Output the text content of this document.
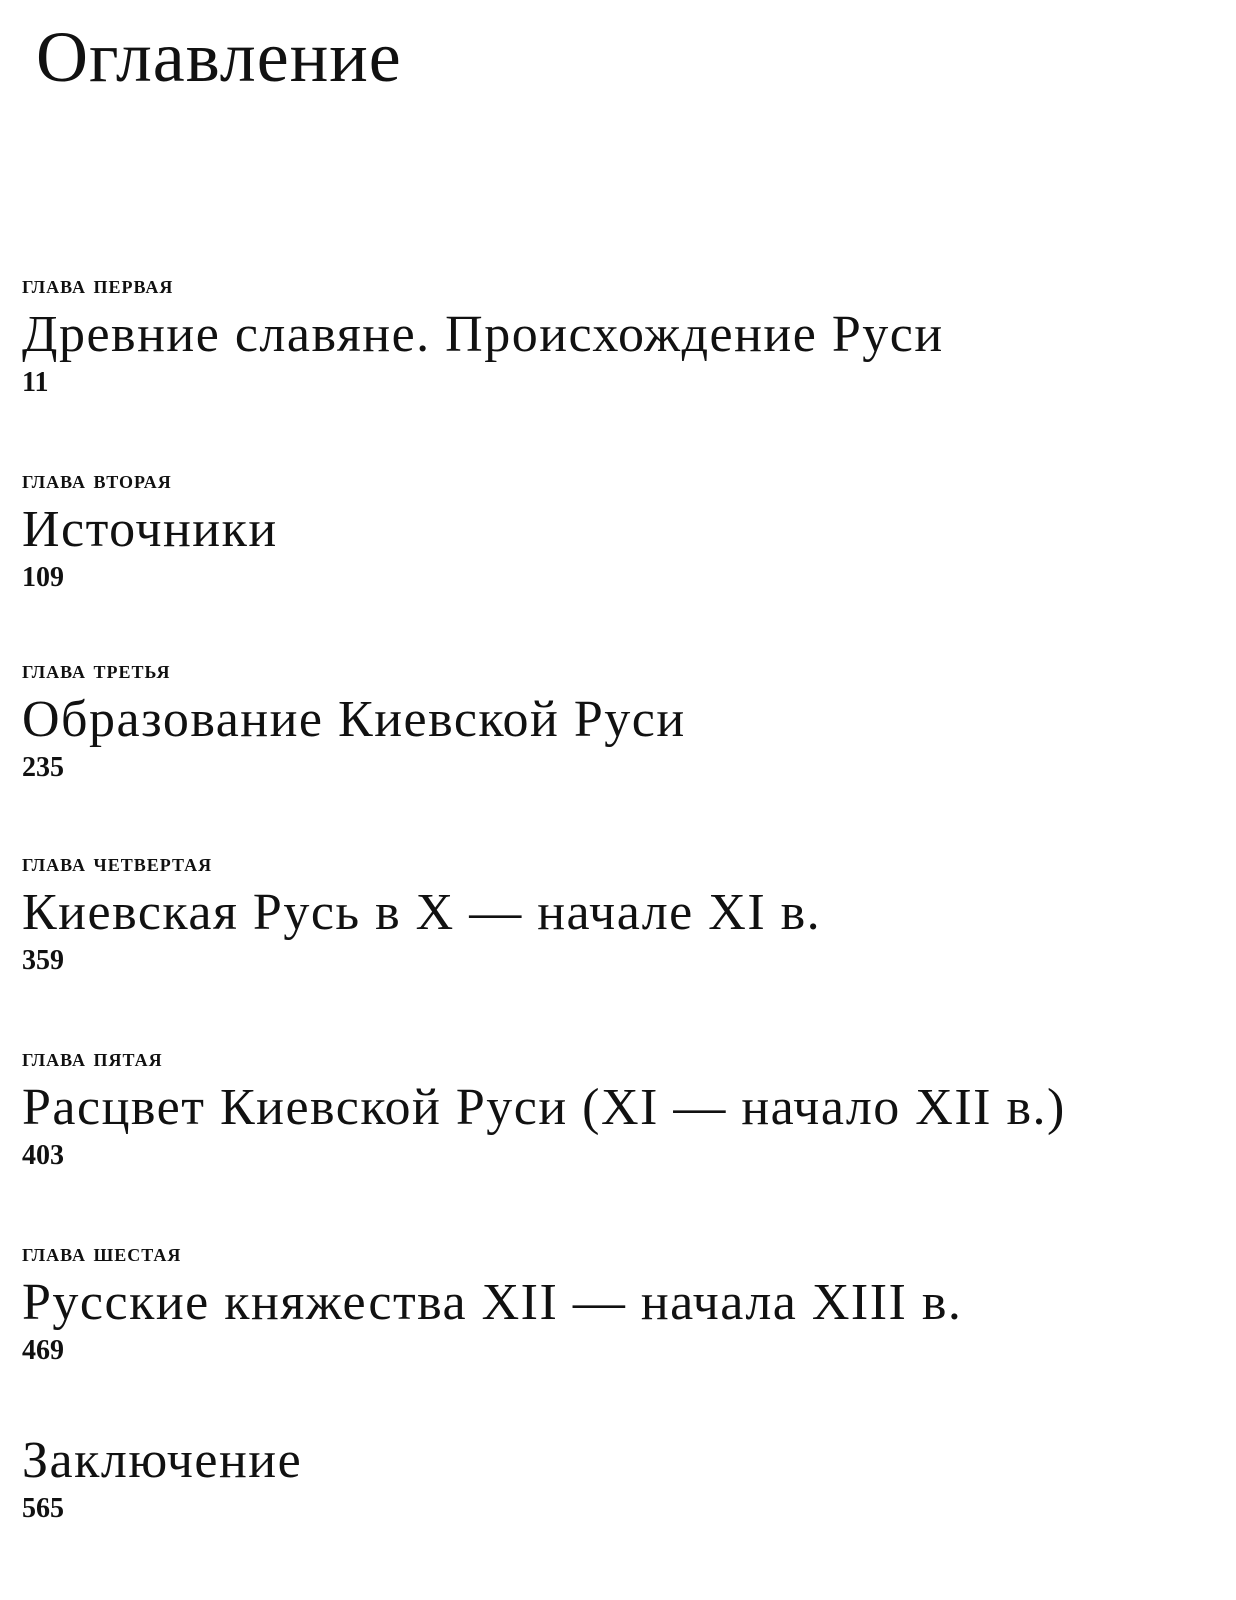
Оглавление
глава первая
Древние славяне. Происхождение Руси
11
глава вторая
Источники
109
глава третья
Образование Киевской Руси
235
глава четвертая
Киевская Русь в X — начале XI в.
359
глава пятая
Расцвет Киевской Руси (XI — начало XII в.)
403
глава шестая
Русские княжества XII — начала XIII в.
469
Заключение
565
